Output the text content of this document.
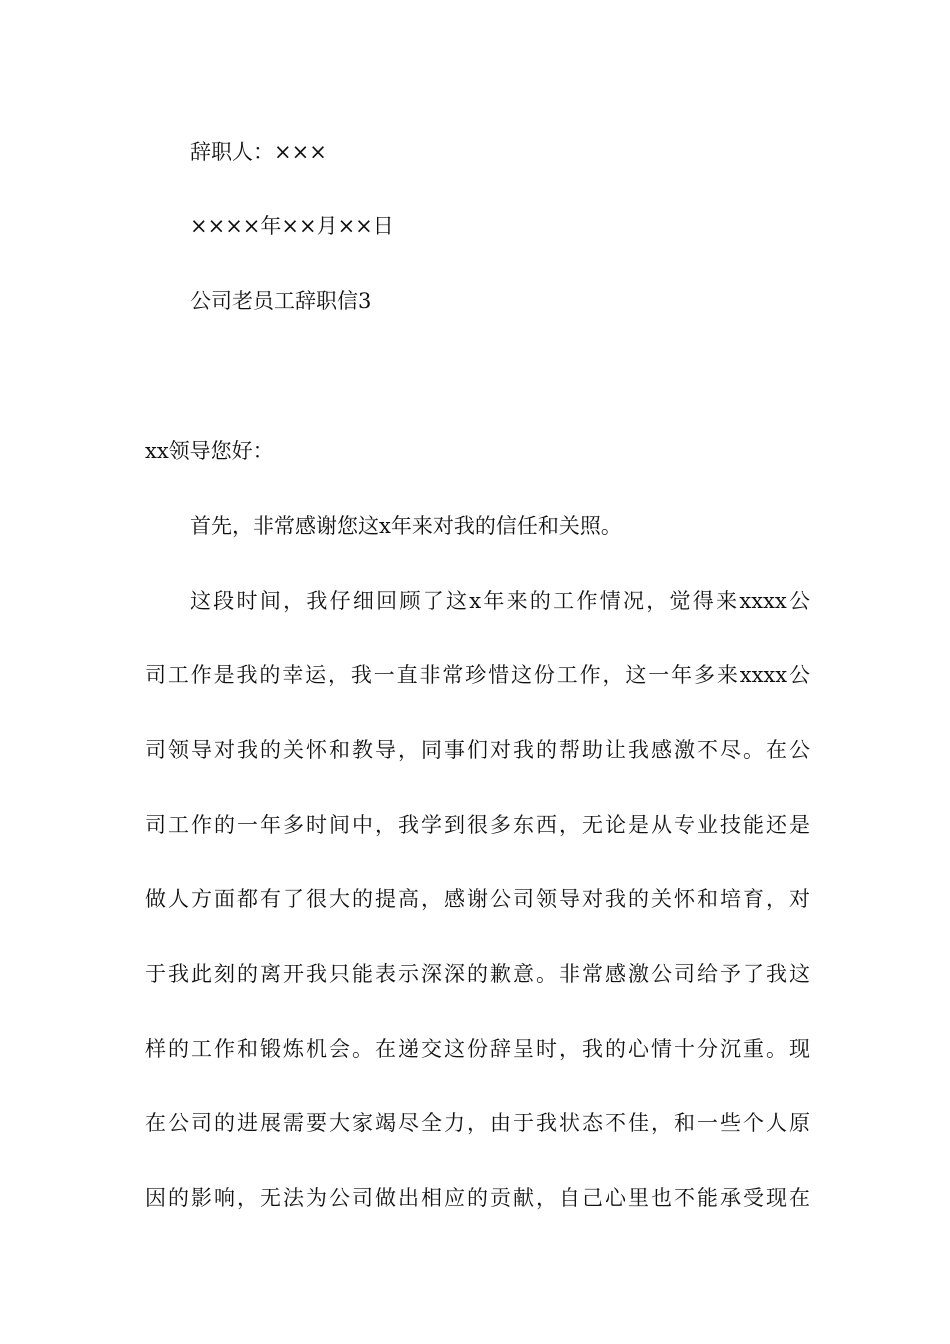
辞职人：×××
××××年××月××日
公司老员工辞职信3
xx领导您好：
首先，非常感谢您这x年来对我的信任和关照。
这段时间，我仔细回顾了这x年来的工作情况，觉得来xxxx公
司工作是我的幸运，我一直非常珍惜这份工作，这一年多来xxxx公
司领导对我的关怀和教导，同事们对我的帮助让我感激不尽。在公
司工作的一年多时间中，我学到很多东西，无论是从专业技能还是
做人方面都有了很大的提高，感谢公司领导对我的关怀和培育，对
于我此刻的离开我只能表示深深的歉意。非常感激公司给予了我这
样的工作和锻炼机会。在递交这份辞呈时，我的心情十分沉重。现
在公司的进展需要大家竭尽全力，由于我状态不佳，和一些个人原
因的影响，无法为公司做出相应的贡献，自己心里也不能承受现在
